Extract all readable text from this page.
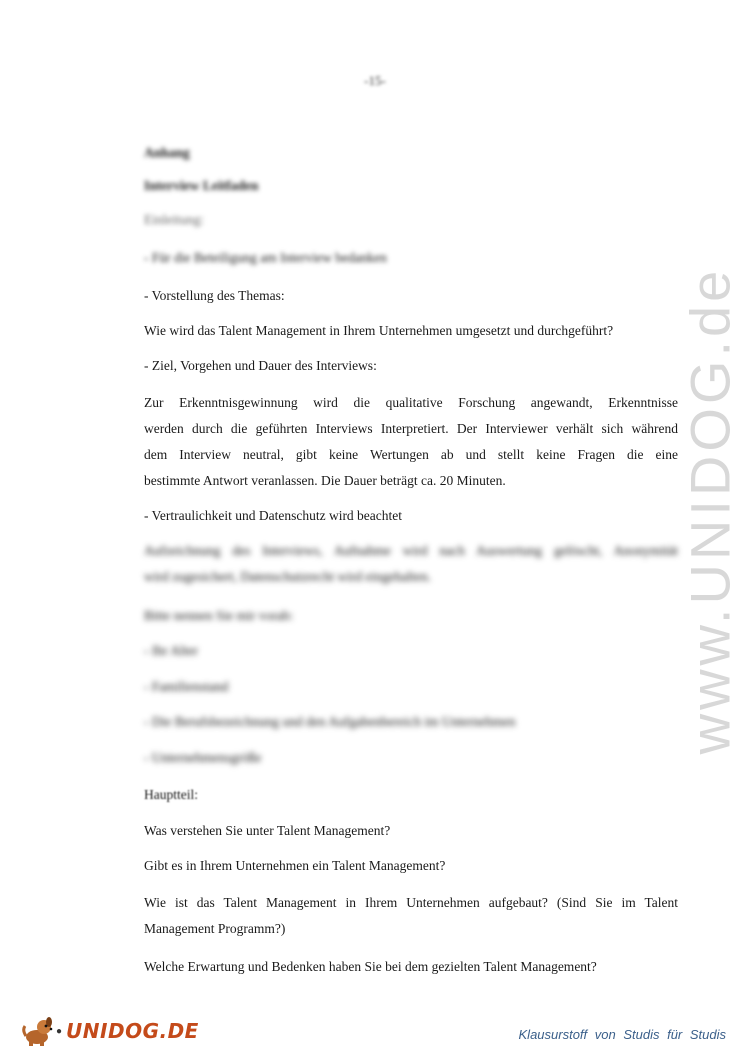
-15-
Anhang
Interview Leitfaden
Einleitung:
- Für die Beteiligung am Interview bedanken
- Vorstellung des Themas:
Wie wird das Talent Management in Ihrem Unternehmen umgesetzt und durchgeführt?
- Ziel, Vorgehen und Dauer des Interviews:
Zur Erkenntnisgewinnung wird die qualitative Forschung angewandt, Erkenntnisse
werden durch die geführten Interviews Interpretiert. Der Interviewer verhält sich während
dem Interview neutral, gibt keine Wertungen ab und stellt keine Fragen die eine
bestimmte Antwort veranlassen. Die Dauer beträgt ca. 20 Minuten.
- Vertraulichkeit und Datenschutz wird beachtet
Aufzeichnung des Interviews, Aufnahme wird nach Auswertung gelöscht, Anonymität
wird zugesichert, Datenschutzrecht wird eingehalten.
Bitte nennen Sie mir vorab:
- Ihr Alter
- Familienstand
- Die Berufsbezeichnung und den Aufgabenbereich im Unternehmen
- Unternehmensgröße
Hauptteil:
Was verstehen Sie unter Talent Management?
Gibt es in Ihrem Unternehmen ein Talent Management?
Wie ist das Talent Management in Ihrem Unternehmen aufgebaut? (Sind Sie im Talent
Management Programm?)
Welche Erwartung und Bedenken haben Sie bei dem gezielten Talent Management?
www.UNIDOG.de
● UNIDOG.DE	Klausurstoff von Studis für Studis
